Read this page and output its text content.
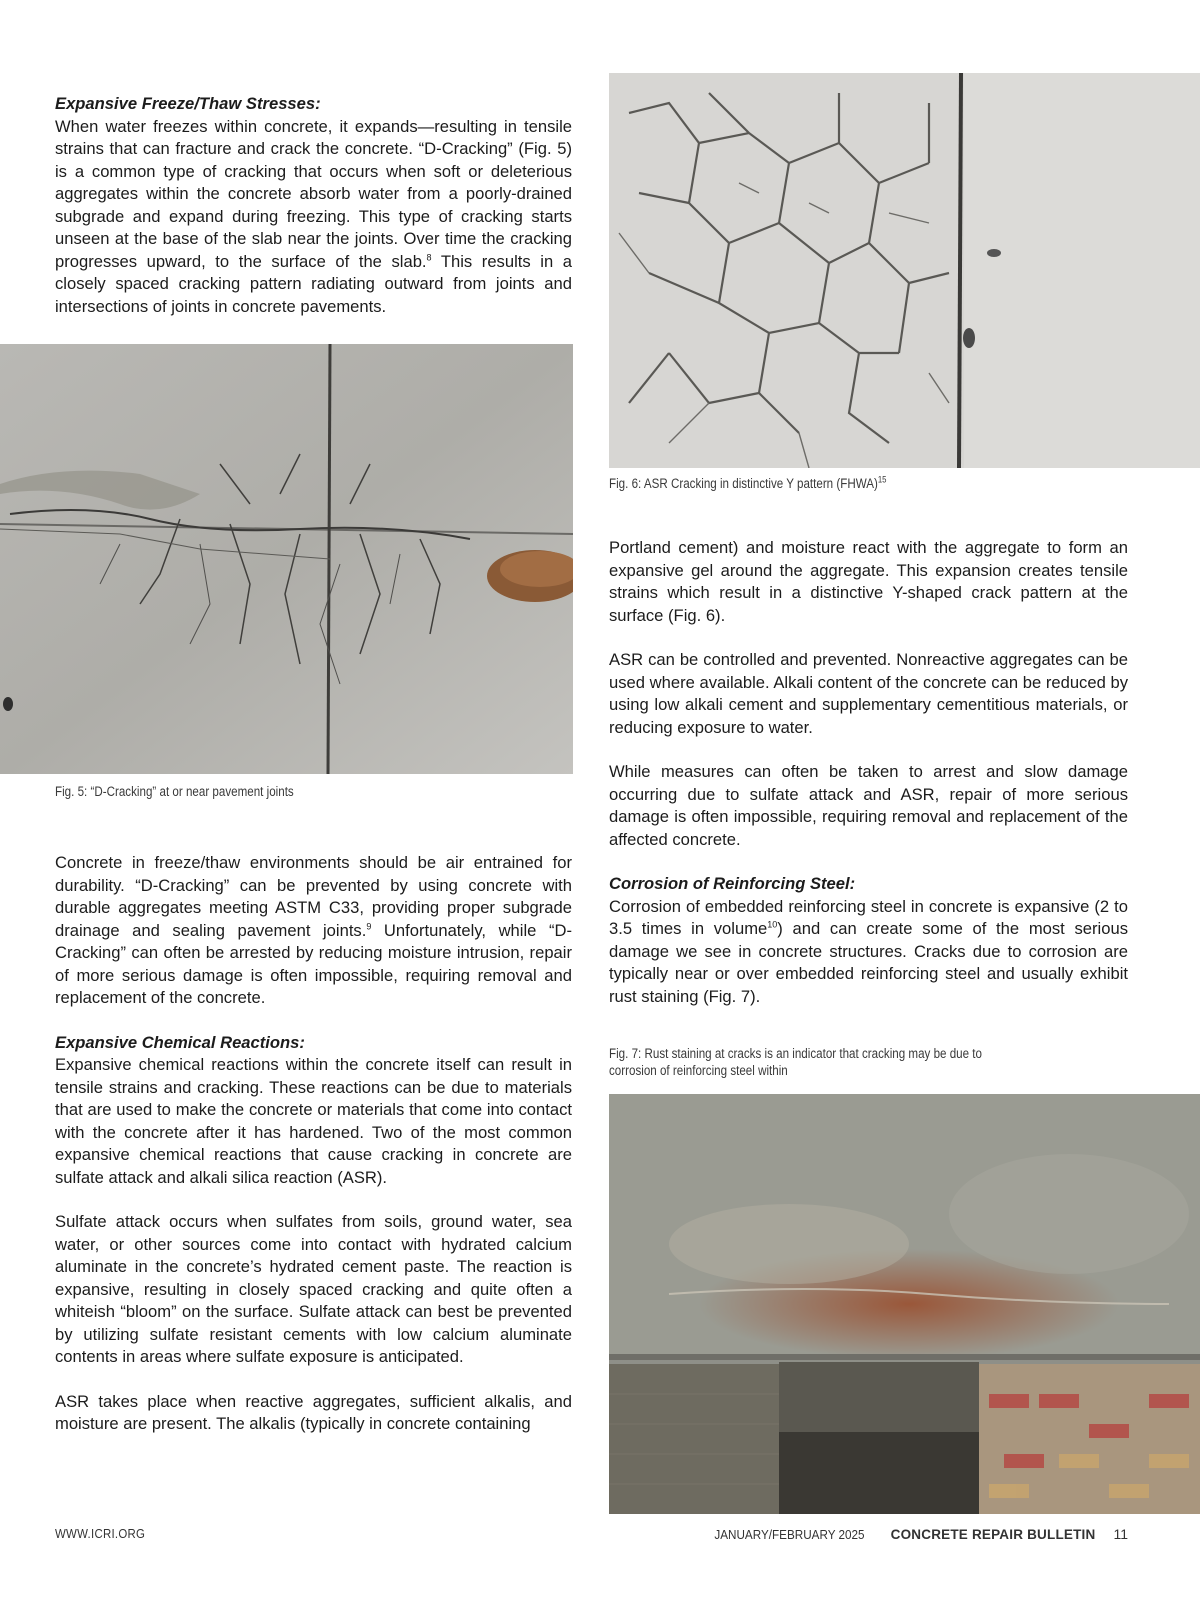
Expansive Freeze/Thaw Stresses:

When water freezes within concrete, it expands—resulting in tensile strains that can fracture and crack the concrete. “D-Cracking” (Fig. 5) is a common type of cracking that occurs when soft or deleterious aggregates within the concrete absorb water from a poorly-drained subgrade and expand during freezing. This type of cracking starts unseen at the base of the slab near the joints. Over time the cracking progresses upward, to the surface of the slab.$^8$ This results in a closely spaced cracking pattern radiating outward from joints and intersections of joints in concrete pavements.

Fig. 5: “D-Cracking” at or near pavement joints

Concrete in freeze/thaw environments should be air entrained for durability. “D-Cracking” can be prevented by using concrete with durable aggregates meeting ASTM C33, providing proper subgrade drainage and sealing pavement joints.$^9$ Unfortunately, while “D-Cracking” can often be arrested by reducing moisture intrusion, repair of more serious damage is often impossible, requiring removal and replacement of the concrete.

Expansive Chemical Reactions:

Expansive chemical reactions within the concrete itself can result in tensile strains and cracking. These reactions can be due to materials that are used to make the concrete or materials that come into contact with the concrete after it has hardened. Two of the most common expansive chemical reactions that cause cracking in concrete are sulfate attack and alkali silica reaction (ASR).

Sulfate attack occurs when sulfates from soils, ground water, sea water, or other sources come into contact with hydrated calcium aluminate in the concrete’s hydrated cement paste. The reaction is expansive, resulting in closely spaced cracking and quite often a whiteish “bloom” on the surface. Sulfate attack can best be prevented by utilizing sulfate resistant cements with low calcium aluminate contents in areas where sulfate exposure is anticipated.

ASR takes place when reactive aggregates, sufficient alkalis, and moisture are present. The alkalis (typically in concrete containing

Fig. 6: ASR Cracking in distinctive Y pattern (FHWA)$^{15}$

Portland cement) and moisture react with the aggregate to form an expansive gel around the aggregate. This expansion creates tensile strains which result in a distinctive Y-shaped crack pattern at the surface (Fig. 6).

ASR can be controlled and prevented. Nonreactive aggregates can be used where available. Alkali content of the concrete can be reduced by using low alkali cement and supplementary cementitious materials, or reducing exposure to water.

While measures can often be taken to arrest and slow damage occurring due to sulfate attack and ASR, repair of more serious damage is often impossible, requiring removal and replacement of the affected concrete.

Corrosion of Reinforcing Steel:

Corrosion of embedded reinforcing steel in concrete is expansive (2 to 3.5 times in volume$^{10}$) and can create some of the most serious damage we see in concrete structures. Cracks due to corrosion are typically near or over embedded reinforcing steel and usually exhibit rust staining (Fig. 7).

Fig. 7: Rust staining at cracks is an indicator that cracking may be due to
corrosion of reinforcing steel within
WWW.ICRI.ORG	JANUARY/FEBRUARY 2025 CONCRETE REPAIR BULLETIN 11
